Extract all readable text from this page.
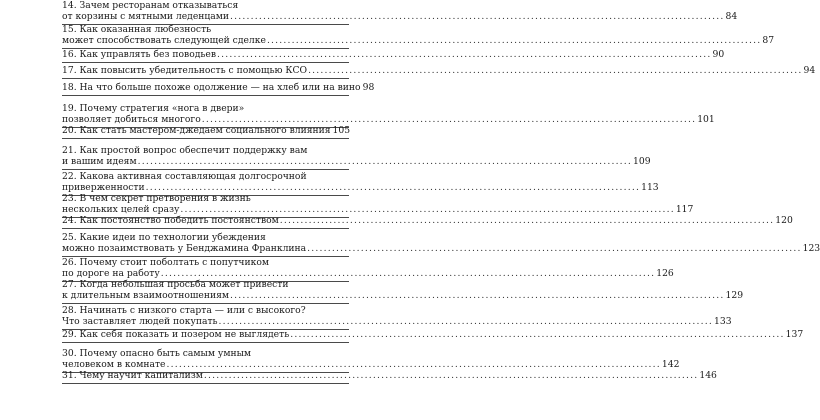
14. Зачем ресторанам отказываться
от корзины с мятными леденцами ........................................................................................................................ 84
15. Как оказанная любезность
может способствовать следующей сделке ........................................................................................................................ 87
16. Как управлять без поводьев ........................................................................................................................ 90
17. Как повысить убедительность с помощью КСО ........................................................................................................................ 94
18. На что больше похоже одолжение — на хлеб или на вино 98
19. Почему стратегия «нога в двери»
позволяет добиться многого ........................................................................................................................ 101
20. Как стать мастером-джедаем социального влияния 105
21. Как простой вопрос обеспечит поддержку вам
и вашим идеям ........................................................................................................................ 109
22. Какова активная составляющая долгосрочной
приверженности ........................................................................................................................ 113
23. В чем секрет претворения в жизнь
нескольких целей сразу ........................................................................................................................ 117
24. Как постоянство победить постоянством ........................................................................................................................ 120
25. Какие идеи по технологии убеждения
можно позаимствовать у Бенджамина Франклина ........................................................................................................................ 123
26. Почему стоит поболтать с попутчиком
по дороге на работу ........................................................................................................................ 126
27. Когда небольшая просьба может привести
к длительным взаимоотношениям ........................................................................................................................ 129
28. Начинать с низкого старта — или с высокого?
Что заставляет людей покупать ........................................................................................................................ 133
29. Как себя показать и позером не выглядеть ........................................................................................................................ 137
30. Почему опасно быть самым умным
человеком в комнате ........................................................................................................................ 142
31. Чему научит капитализм ........................................................................................................................ 146
